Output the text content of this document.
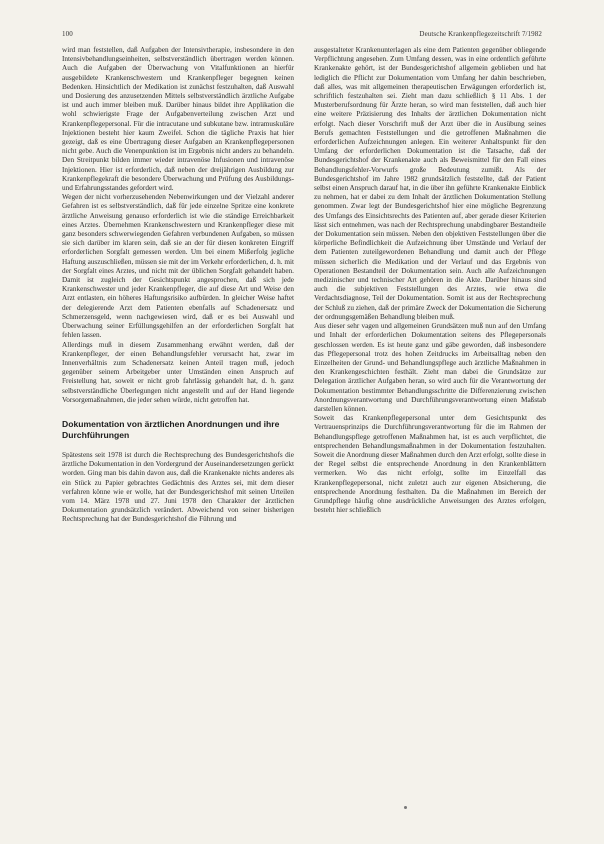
100	Deutsche Krankenpflegezeitschrift 7/1982

wird man feststellen, daß Aufgaben der Intensivtherapie, insbesondere in den Intensivbehandlungseinheiten, selbstverständlich übertragen werden können. Auch die Aufgaben der Überwachung von Vitalfunktionen an hierfür ausgebildete Krankenschwestern und Krankenpfleger begegnen keinen Bedenken. Hinsichtlich der Medikation ist zunächst festzuhalten, daß Auswahl und Dosierung des anzusetzenden Mittels selbstverständlich ärztliche Aufgabe ist und auch immer bleiben muß. Darüber hinaus bildet ihre Applikation die wohl schwierigste Frage der Aufgabenverteilung zwischen Arzt und Krankenpflegepersonal. Für die intracutane und subkutane bzw. intramuskuläre Injektionen besteht hier kaum Zweifel. Schon die tägliche Praxis hat hier gezeigt, daß es eine Übertragung dieser Aufgaben an Krankenpflegepersonen nicht gebe. Auch die Venenpunktion ist im Ergebnis nicht anders zu behandeln. Den Streitpunkt bilden immer wieder intravenöse Infusionen und intravenöse Injektionen. Hier ist erforderlich, daß neben der dreijährigen Ausbildung zur Krankenpflegekraft die besondere Überwachung und Prüfung des Ausbildungs- und Erfahrungsstandes gefordert wird.

Wegen der nicht vorherzusehenden Nebenwirkungen und der Vielzahl anderer Gefahren ist es selbstverständlich, daß für jede einzelne Spritze eine konkrete ärztliche Anweisung genauso erforderlich ist wie die ständige Erreichbarkeit eines Arztes. Übernehmen Krankenschwestern und Krankenpfleger diese mit ganz besonders schwerwiegenden Gefahren verbundenen Aufgaben, so müssen sie sich darüber im klaren sein, daß sie an der für diesen konkreten Eingriff erforderlichen Sorgfalt gemessen werden. Um bei einem Mißerfolg jegliche Haftung auszuschließen, müssen sie mit der im Verkehr erforderlichen, d. h. mit der Sorgfalt eines Arztes, und nicht mit der üblichen Sorgfalt gehandelt haben. Damit ist zugleich der Gesichtspunkt angesprochen, daß sich jede Krankenschwester und jeder Krankenpfleger, die auf diese Art und Weise den Arzt entlasten, ein höheres Haftungsrisiko aufbürden. In gleicher Weise haftet der delegierende Arzt dem Patienten ebenfalls auf Schadenersatz und Schmerzensgeld, wenn nachgewiesen wird, daß er es bei Auswahl und Überwachung seiner Erfüllungsgehilfen an der erforderlichen Sorgfalt hat fehlen lassen.

Allerdings muß in diesem Zusammenhang erwähnt werden, daß der Krankenpfleger, der einen Behandlungsfehler verursacht hat, zwar im Innenverhältnis zum Schadenersatz keinen Anteil tragen muß, jedoch gegenüber seinem Arbeitgeber unter Umständen einen Anspruch auf Freistellung hat, soweit er nicht grob fahrlässig gehandelt hat, d. h. ganz selbstverständliche Überlegungen nicht angestellt und auf der Hand liegende Vorsorgemaßnahmen, die jeder sehen würde, nicht getroffen hat.

Dokumentation von ärztlichen Anordnungen und ihre Durchführungen

Spätestens seit 1978 ist durch die Rechtsprechung des Bundesgerichtshofs die ärztliche Dokumentation in den Vordergrund der Auseinandersetzungen gerückt worden. Ging man bis dahin davon aus, daß die Krankenakte nichts anderes als ein Stück zu Papier gebrachtes Gedächtnis des Arztes sei, mit dem dieser verfahren könne wie er wolle, hat der Bundesgerichtshof mit seinen Urteilen vom 14. März 1978 und 27. Juni 1978 den Charakter der ärztlichen Dokumentation grundsätzlich verändert. Abweichend von seiner bisherigen Rechtsprechung hat der Bundesgerichtshof die Führung und

ausgestalteter Krankenunterlagen als eine dem Patienten gegenüber obliegende Verpflichtung angesehen. Zum Umfang dessen, was in eine ordentlich geführte Krankenakte gehört, ist der Bundesgerichtshof allgemein geblieben und hat lediglich die Pflicht zur Dokumentation vom Umfang her dahin beschrieben, daß alles, was mit allgemeinen therapeutischen Erwägungen erforderlich ist, schriftlich festzuhalten sei. Zieht man dazu schließlich § 11 Abs. 1 der Musterberufsordnung für Ärzte heran, so wird man feststellen, daß auch hier eine weitere Präzisierung des Inhalts der ärztlichen Dokumentation nicht erfolgt. Nach dieser Vorschrift muß der Arzt über die in Ausübung seines Berufs gemachten Feststellungen und die getroffenen Maßnahmen die erforderlichen Aufzeichnungen anlegen. Ein weiterer Anhaltspunkt für den Umfang der erforderlichen Dokumentation ist die Tatsache, daß der Bundesgerichtshof der Krankenakte auch als Beweismittel für den Fall eines Behandlungsfehler-Vorwurfs große Bedeutung zumißt. Als der Bundesgerichtshof im Jahre 1982 grundsätzlich feststellte, daß der Patient selbst einen Anspruch darauf hat, in die über ihn geführte Krankenakte Einblick zu nehmen, hat er dabei zu dem Inhalt der ärztlichen Dokumentation Stellung genommen. Zwar legt der Bundesgerichtshof hier eine mögliche Begrenzung des Umfangs des Einsichtsrechts des Patienten auf, aber gerade dieser Kriterien lässt sich entnehmen, was nach der Rechtsprechung unabdingbarer Bestandteile der Dokumentation sein müssen. Neben den objektiven Feststellungen über die körperliche Befindlichkeit die Aufzeichnung über Umstände und Verlauf der dem Patienten zuteilgewordenen Behandlung und damit auch der Pflege müssen sicherlich die Medikation und der Verlauf und das Ergebnis von Operationen Bestandteil der Dokumentation sein. Auch alle Aufzeichnungen medizinischer und technischer Art gehören in die Akte. Darüber hinaus sind auch die subjektiven Feststellungen des Arztes, wie etwa die Verdachtsdiagnose, Teil der Dokumentation. Somit ist aus der Rechtsprechung der Schluß zu ziehen, daß der primäre Zweck der Dokumentation die Sicherung der ordnungsgemäßen Behandlung bleiben muß.

Aus dieser sehr vagen und allgemeinen Grundsätzen muß nun auf den Umfang und Inhalt der erforderlichen Dokumentation seitens des Pflegepersonals geschlossen werden. Es ist heute ganz und gäbe geworden, daß insbesondere das Pflegepersonal trotz des hohen Zeitdrucks im Arbeitsalltag neben den Einzelheiten der Grund- und Behandlungspflege auch ärztliche Maßnahmen in den Krankengeschichten festhält. Zieht man dabei die Grundsätze zur Delegation ärztlicher Aufgaben heran, so wird auch für die Verantwortung der Dokumentation bestimmter Behandlungsschritte die Differenzierung zwischen Anordnungsverantwortung und Durchführungsverantwortung einen Maßstab darstellen können.

Soweit das Krankenpflegepersonal unter dem Gesichtspunkt des Vertrauensprinzips die Durchführungsverantwortung für die im Rahmen der Behandlungspflege getroffenen Maßnahmen hat, ist es auch verpflichtet, die entsprechenden Behandlungsmaßnahmen in der Dokumentation festzuhalten. Soweit die Anordnung dieser Maßnahmen durch den Arzt erfolgt, sollte diese in der Regel selbst die entsprechende Anordnung in den Krankenblättern vermerken. Wo das nicht erfolgt, sollte im Einzelfall das Krankenpflegepersonal, nicht zuletzt auch zur eigenen Absicherung, die entsprechende Anordnung festhalten. Da die Maßnahmen im Bereich der Grundpflege häufig ohne ausdrückliche Anweisungen des Arztes erfolgen, besteht hier schließlich
